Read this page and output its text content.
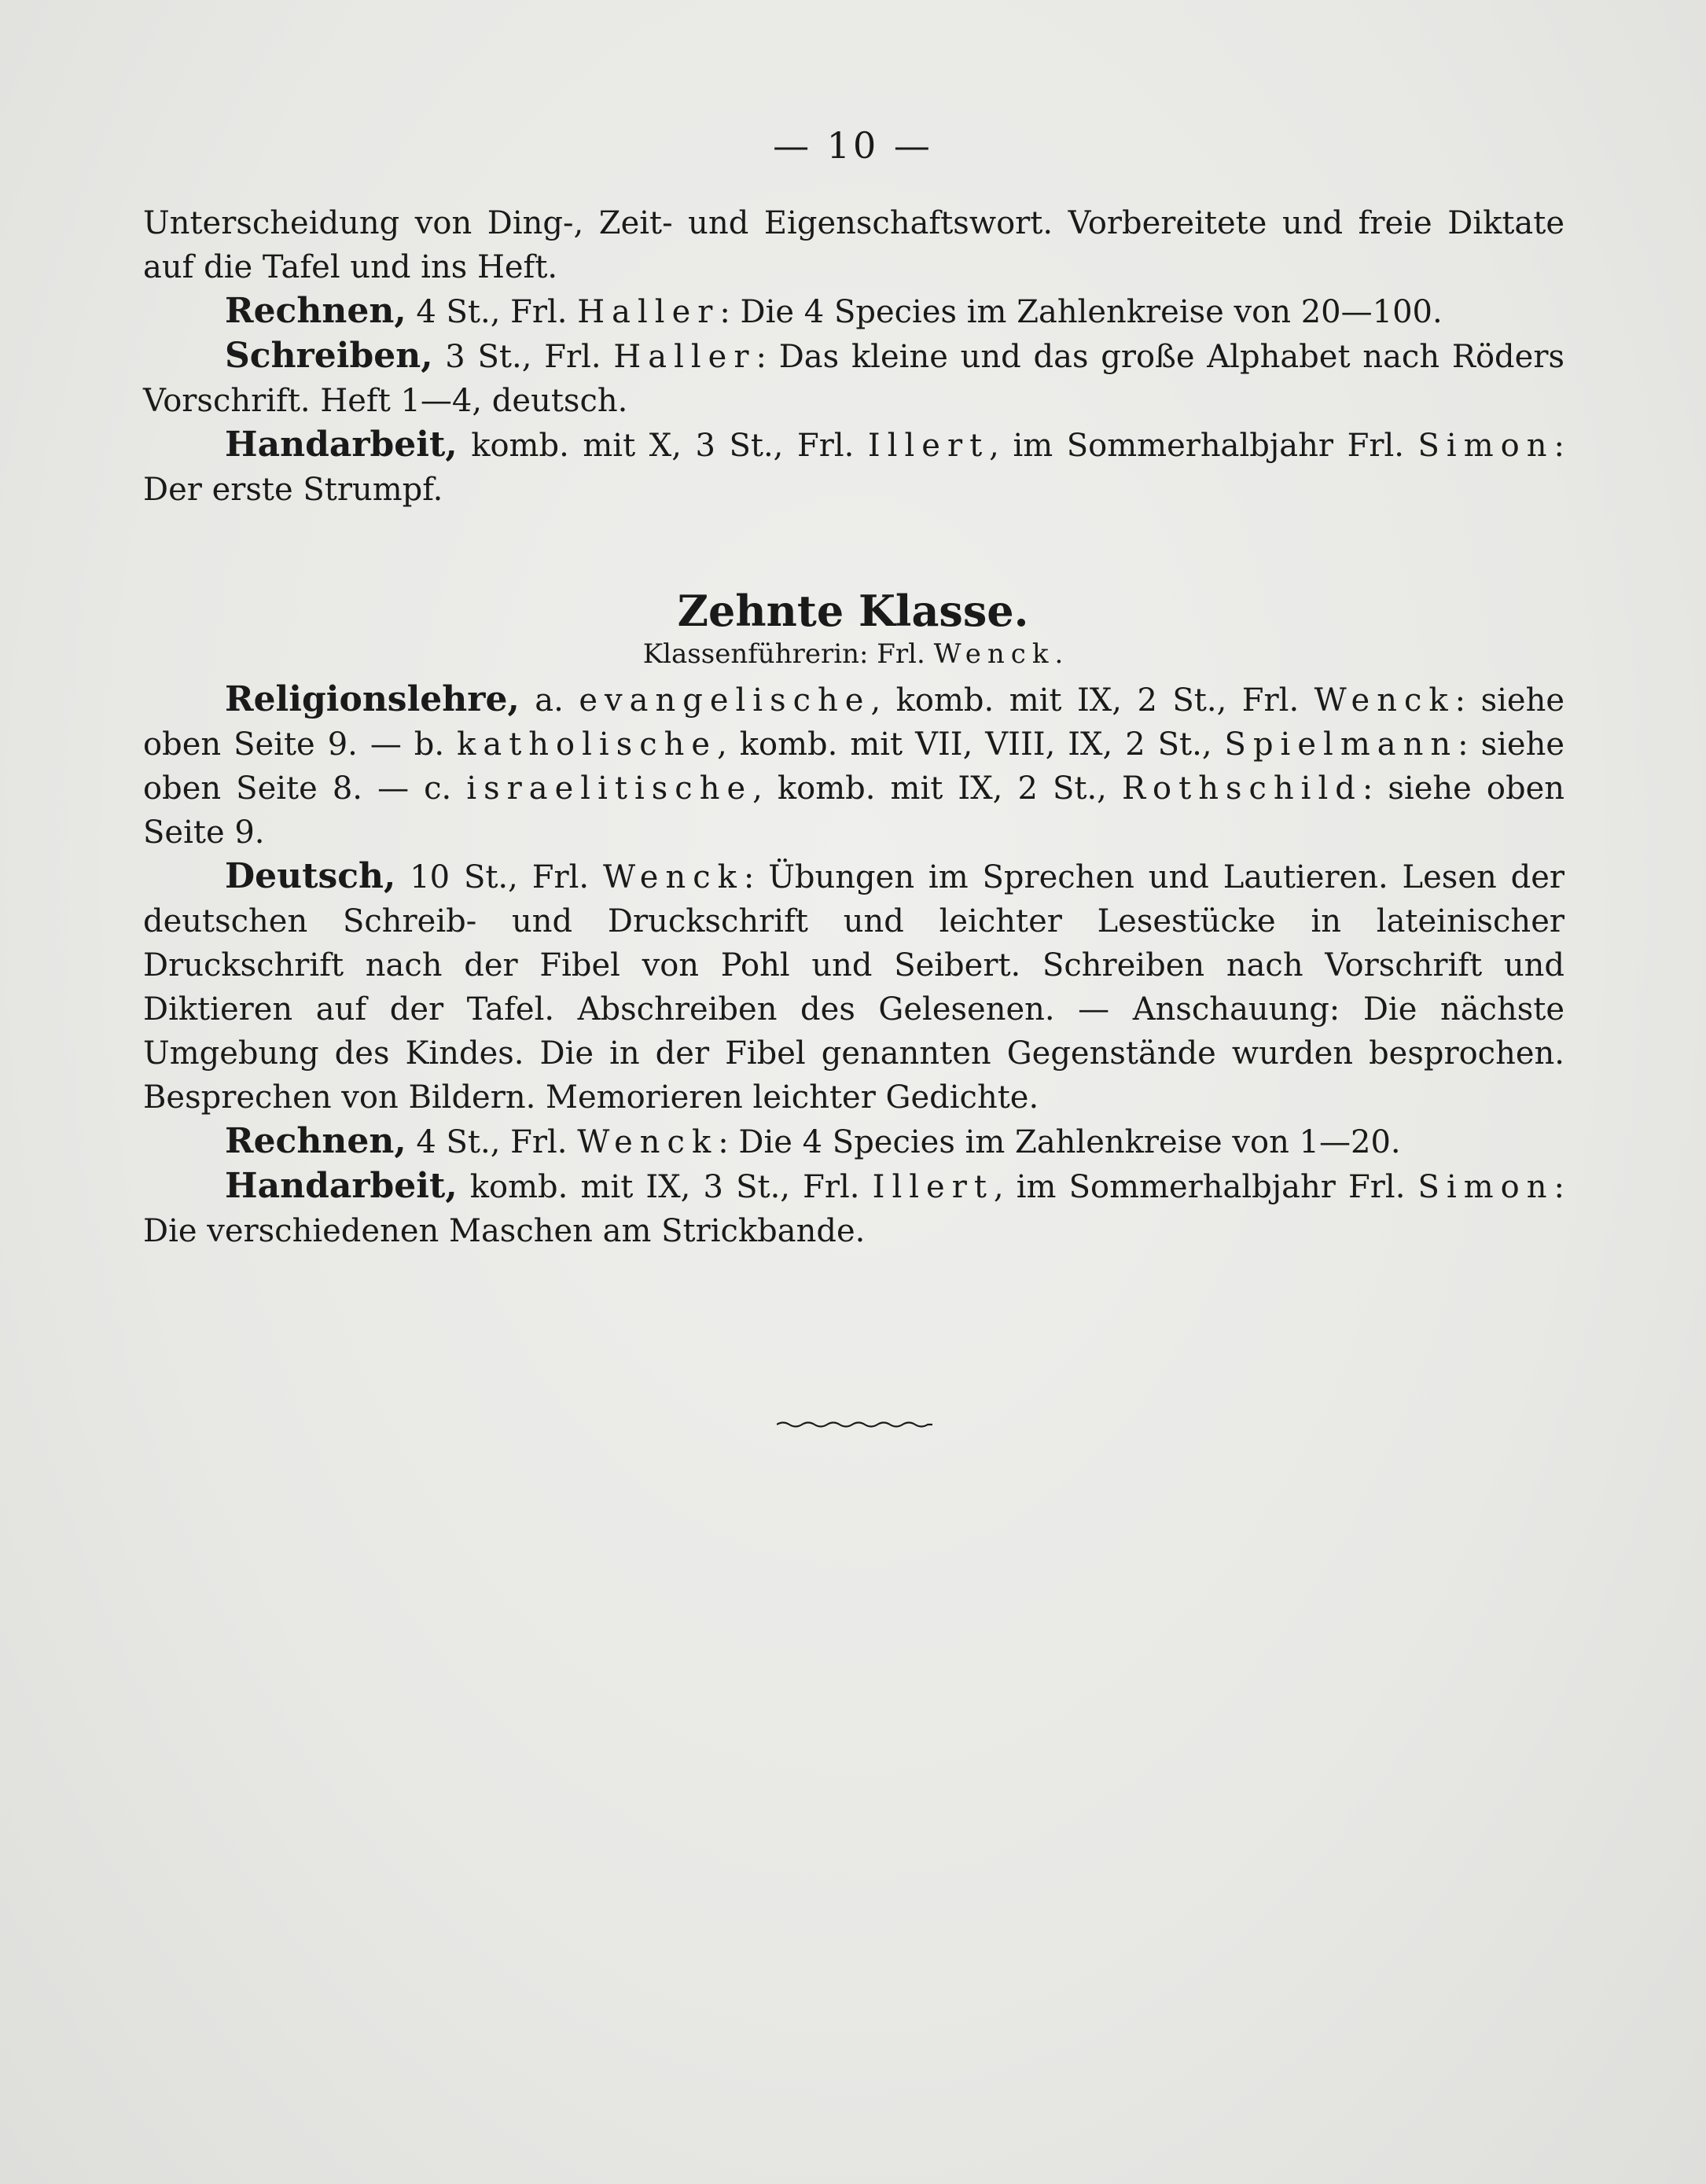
— 10 —

Unterscheidung von Ding-, Zeit- und Eigenschaftswort. Vorbereitete und freie Diktate auf die Tafel und ins Heft.

Rechnen, 4 St., Frl. Haller: Die 4 Species im Zahlenkreise von 20—100.

Schreiben, 3 St., Frl. Haller: Das kleine und das große Alphabet nach Röders Vorschrift. Heft 1—4, deutsch.

Handarbeit, komb. mit X, 3 St., Frl. Illert, im Sommerhalbjahr Frl. Simon: Der erste Strumpf.

Zehnte Klasse.
Klassenführerin: Frl. Wenck.

Religionslehre, a. evangelische, komb. mit IX, 2 St., Frl. Wenck: siehe oben Seite 9. — b. katholische, komb. mit VII, VIII, IX, 2 St., Spielmann: siehe oben Seite 8. — c. israelitische, komb. mit IX, 2 St., Rothschild: siehe oben Seite 9.

Deutsch, 10 St., Frl. Wenck: Übungen im Sprechen und Lautieren. Lesen der deutschen Schreib- und Druckschrift und leichter Lesestücke in lateinischer Druckschrift nach der Fibel von Pohl und Seibert. Schreiben nach Vorschrift und Diktieren auf der Tafel. Abschreiben des Gelesenen. — Anschauung: Die nächste Umgebung des Kindes. Die in der Fibel genannten Gegenstände wurden besprochen. Besprechen von Bildern. Memorieren leichter Gedichte.

Rechnen, 4 St., Frl. Wenck: Die 4 Species im Zahlenkreise von 1—20.

Handarbeit, komb. mit IX, 3 St., Frl. Illert, im Sommerhalbjahr Frl. Simon: Die verschiedenen Maschen am Strickbande.
